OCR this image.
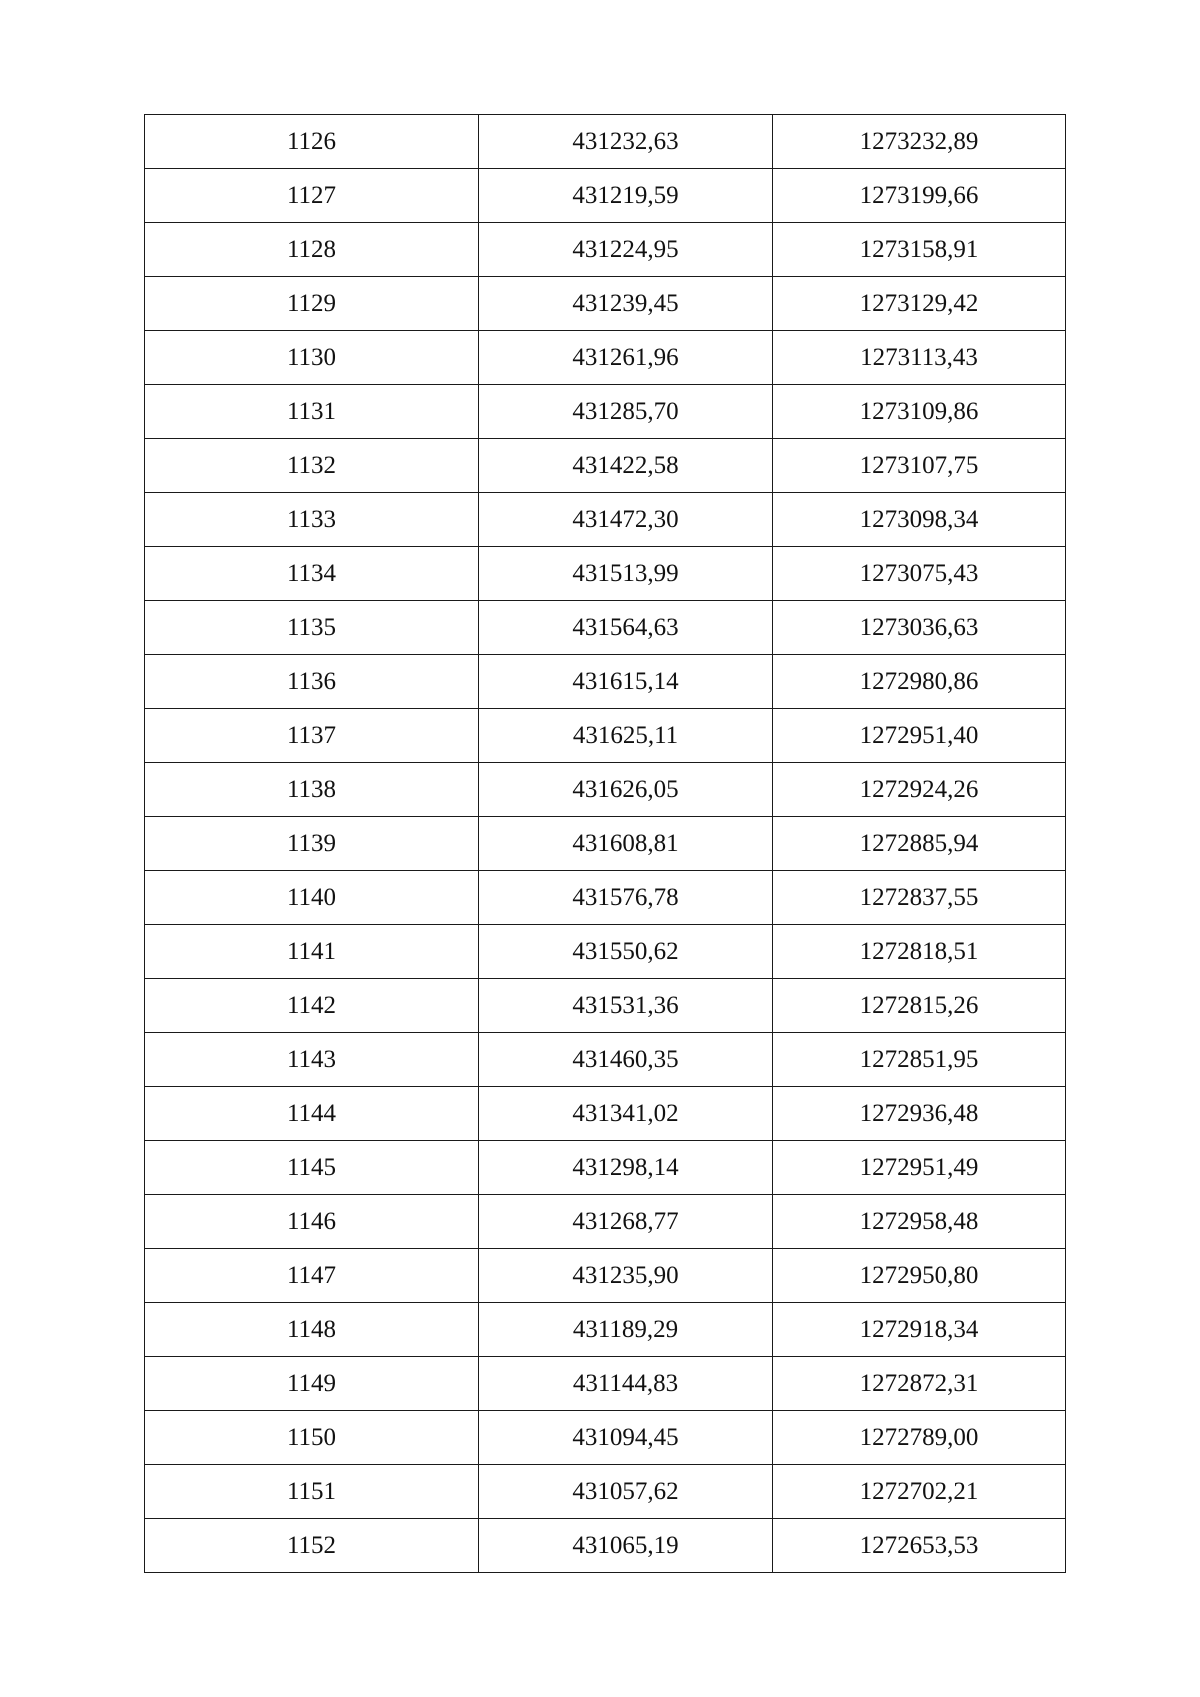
1126	431232,63	1273232,89
1127	431219,59	1273199,66
1128	431224,95	1273158,91
1129	431239,45	1273129,42
1130	431261,96	1273113,43
1131	431285,70	1273109,86
1132	431422,58	1273107,75
1133	431472,30	1273098,34
1134	431513,99	1273075,43
1135	431564,63	1273036,63
1136	431615,14	1272980,86
1137	431625,11	1272951,40
1138	431626,05	1272924,26
1139	431608,81	1272885,94
1140	431576,78	1272837,55
1141	431550,62	1272818,51
1142	431531,36	1272815,26
1143	431460,35	1272851,95
1144	431341,02	1272936,48
1145	431298,14	1272951,49
1146	431268,77	1272958,48
1147	431235,90	1272950,80
1148	431189,29	1272918,34
1149	431144,83	1272872,31
1150	431094,45	1272789,00
1151	431057,62	1272702,21
1152	431065,19	1272653,53
